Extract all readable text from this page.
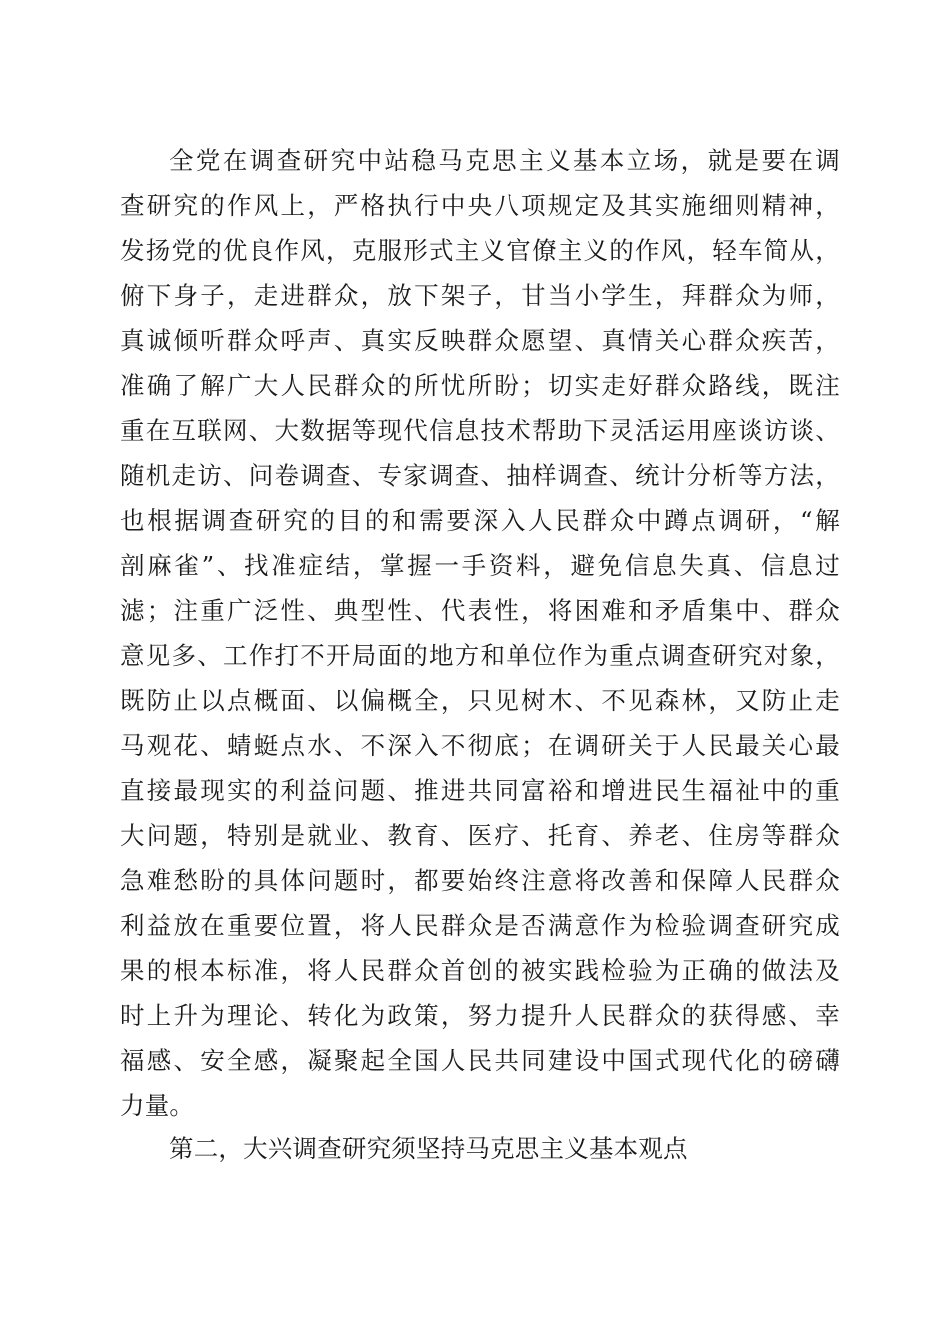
全党在调查研究中站稳马克思主义基本立场，就是要在调
查研究的作风上，严格执行中央八项规定及其实施细则精神，
发扬党的优良作风，克服形式主义官僚主义的作风，轻车简从，
俯下身子，走进群众，放下架子，甘当小学生，拜群众为师，
真诚倾听群众呼声、真实反映群众愿望、真情关心群众疾苦，
准确了解广大人民群众的所忧所盼；切实走好群众路线，既注
重在互联网、大数据等现代信息技术帮助下灵活运用座谈访谈、
随机走访、问卷调查、专家调查、抽样调查、统计分析等方法，
也根据调查研究的目的和需要深入人民群众中蹲点调研，“解
剖麻雀”、找准症结，掌握一手资料，避免信息失真、信息过
滤；注重广泛性、典型性、代表性，将困难和矛盾集中、群众
意见多、工作打不开局面的地方和单位作为重点调查研究对象，
既防止以点概面、以偏概全，只见树木、不见森林，又防止走
马观花、蜻蜓点水、不深入不彻底；在调研关于人民最关心最
直接最现实的利益问题、推进共同富裕和增进民生福祉中的重
大问题，特别是就业、教育、医疗、托育、养老、住房等群众
急难愁盼的具体问题时，都要始终注意将改善和保障人民群众
利益放在重要位置，将人民群众是否满意作为检验调查研究成
果的根本标准，将人民群众首创的被实践检验为正确的做法及
时上升为理论、转化为政策，努力提升人民群众的获得感、幸
福感、安全感，凝聚起全国人民共同建设中国式现代化的磅礴
力量。
第二，大兴调查研究须坚持马克思主义基本观点
